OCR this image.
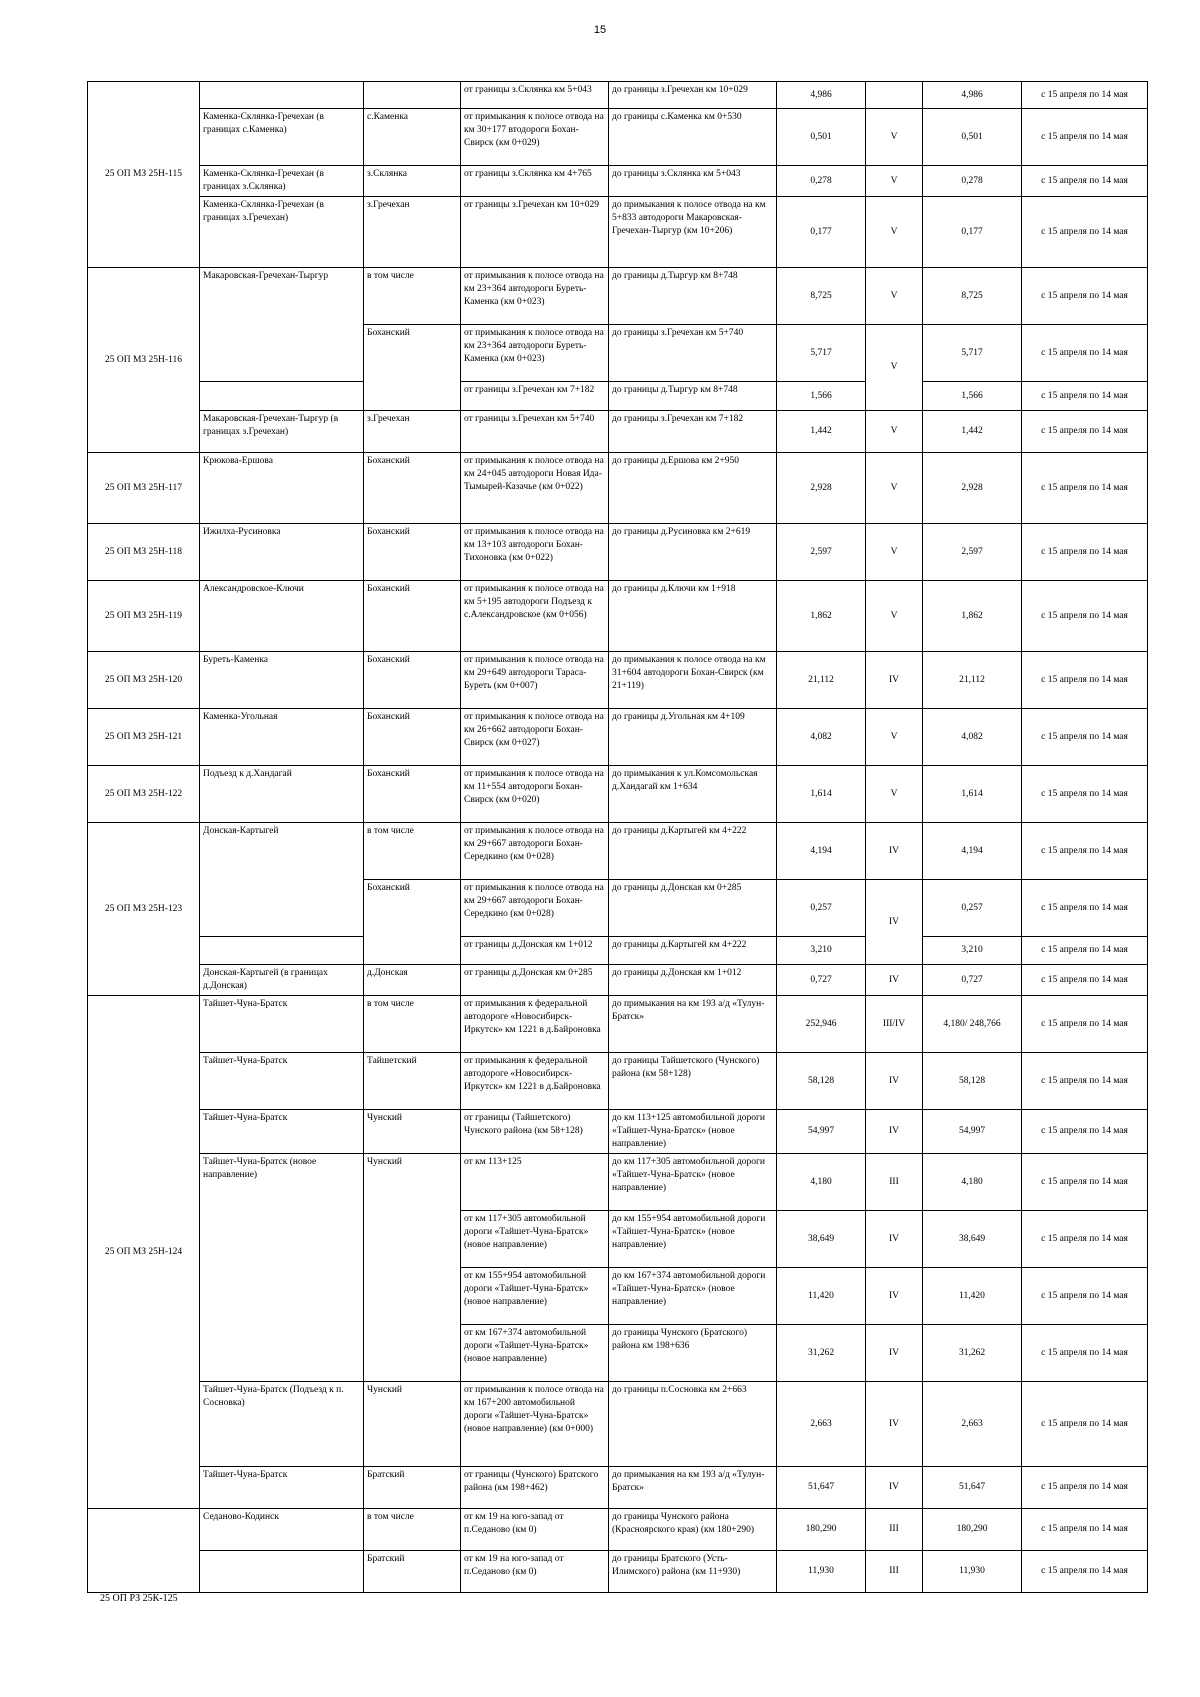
15
25 ОП МЗ 25Н-115			от границы з.Склянка км 5+043	до границы з.Гречехан км 10+029	4,986		4,986	с 15 апреля по 14 мая
	Каменка-Склянка-Гречехан (в границах с.Каменка)	с.Каменка	от примыкания к полосе отвода на км 30+177 втодороги Бохан-Свирск (км 0+029)	до границы с.Каменка км 0+530	0,501	V	0,501	с 15 апреля по 14 мая
	Каменка-Склянка-Гречехан (в границах з.Склянка)	з.Склянка	от границы з.Склянка км 4+765	до границы з.Склянка км 5+043	0,278	V	0,278	с 15 апреля по 14 мая
	Каменка-Склянка-Гречехан (в границах з.Гречехан)	з.Гречехан	от границы з.Гречехан км 10+029	до примыкания к полосе отвода на км 5+833 автодороги Макаровская-Гречехан-Тыргур (км 10+206)	0,177	V	0,177	с 15 апреля по 14 мая
25 ОП МЗ 25Н-116	Макаровская-Гречехан-Тыргур	в том числе	от примыкания к полосе отвода на км 23+364 автодороги Буреть-Каменка (км 0+023)	до границы д.Тыргур км 8+748	8,725	V	8,725	с 15 апреля по 14 мая
		Боханский	от примыкания к полосе отвода на км 23+364 автодороги Буреть-Каменка (км 0+023)	до границы з.Гречехан км 5+740	5,717	V	5,717	с 15 апреля по 14 мая
			от границы з.Гречехан км 7+182	до границы д.Тыргур км 8+748	1,566		1,566	с 15 апреля по 14 мая
	Макаровская-Гречехан-Тыргур (в границах з.Гречехан)	з.Гречехан	от границы з.Гречехан км 5+740	до границы з.Гречехан км 7+182	1,442	V	1,442	с 15 апреля по 14 мая
25 ОП МЗ 25Н-117	Крюкова-Ершова	Боханский	от примыкания к полосе отвода на км 24+045 автодороги Новая Ида-Тымырей-Казачье (км 0+022)	до границы д.Ершова км 2+950	2,928	V	2,928	с 15 апреля по 14 мая
25 ОП МЗ 25Н-118	Ижилха-Русиновка	Боханский	от примыкания к полосе отвода на км 13+103 автодороги Бохан-Тихоновка (км 0+022)	до границы д.Русиновка км 2+619	2,597	V	2,597	с 15 апреля по 14 мая
25 ОП МЗ 25Н-119	Александровское-Ключи	Боханский	от примыкания к полосе отвода на км 5+195 автодороги Подъезд к с.Александровское (км 0+056)	до границы д.Ключи км 1+918	1,862	V	1,862	с 15 апреля по 14 мая
25 ОП МЗ 25Н-120	Буреть-Каменка	Боханский	от примыкания к полосе отвода на км 29+649 автодороги Тараса-Буреть (км 0+007)	до примыкания к полосе отвода на км 31+604 автодороги Бохан-Свирск (км 21+119)	21,112	IV	21,112	с 15 апреля по 14 мая
25 ОП МЗ 25Н-121	Каменка-Угольная	Боханский	от примыкания к полосе отвода на км 26+662 автодороги Бохан-Свирск (км 0+027)	до границы д.Угольная км 4+109	4,082	V	4,082	с 15 апреля по 14 мая
25 ОП МЗ 25Н-122	Подъезд к д.Хандагай	Боханский	от примыкания к полосе отвода на км 11+554 автодороги Бохан-Свирск (км 0+020)	до примыкания к ул.Комсомольская д.Хандагай км 1+634	1,614	V	1,614	с 15 апреля по 14 мая
25 ОП МЗ 25Н-123	Донская-Картыгей	в том числе	от примыкания к полосе отвода на км 29+667 автодороги Бохан-Середкино (км 0+028)	до границы д.Картыгей км 4+222	4,194	IV	4,194	с 15 апреля по 14 мая
		Боханский	от примыкания к полосе отвода на км 29+667 автодороги Бохан-Середкино (км 0+028)	до границы д.Донская км 0+285	0,257	IV	0,257	с 15 апреля по 14 мая
			от границы д.Донская км 1+012	до границы д.Картыгей км 4+222	3,210		3,210	с 15 апреля по 14 мая
	Донская-Картыгей (в границах д.Донская)	д.Донская	от границы д.Донская км 0+285	до границы д.Донская км 1+012	0,727	IV	0,727	с 15 апреля по 14 мая
25 ОП МЗ 25Н-124	Тайшет-Чуна-Братск	в том числе	от примыкания к федеральной автодороге «Новосибирск-Иркутск» км 1221 в д.Байроновка	до примыкания на км 193 а/д «Тулун-Братск»	252,946	III/IV	4,180/ 248,766	с 15 апреля по 14 мая
	Тайшет-Чуна-Братск	Тайшетский	от примыкания к федеральной автодороге «Новосибирск-Иркутск» км 1221 в д.Байроновка	до границы Тайшетского (Чунского) района (км 58+128)	58,128	IV	58,128	с 15 апреля по 14 мая
	Тайшет-Чуна-Братск	Чунский	от границы (Тайшетского) Чунского района (км 58+128)	до км 113+125 автомобильной дороги «Тайшет-Чуна-Братск» (новое направление)	54,997	IV	54,997	с 15 апреля по 14 мая
	Тайшет-Чуна-Братск (новое направление)	Чунский	от км 113+125	до км 117+305 автомобильной дороги «Тайшет-Чуна-Братск» (новое направление)	4,180	III	4,180	с 15 апреля по 14 мая
			от км 117+305 автомобильной дороги «Тайшет-Чуна-Братск» (новое направление)	до км 155+954 автомобильной дороги «Тайшет-Чуна-Братск» (новое направление)	38,649	IV	38,649	с 15 апреля по 14 мая
			от км 155+954 автомобильной дороги «Тайшет-Чуна-Братск» (новое направление)	до км 167+374 автомобильной дороги «Тайшет-Чуна-Братск» (новое направление)	11,420	IV	11,420	с 15 апреля по 14 мая
			от км 167+374 автомобильной дороги «Тайшет-Чуна-Братск» (новое направление)	до границы Чунского (Братского) района км 198+636	31,262	IV	31,262	с 15 апреля по 14 мая
	Тайшет-Чуна-Братск (Подъезд к п. Сосновка)	Чунский	от примыкания к полосе отвода на км 167+200 автомобильной дороги «Тайшет-Чуна-Братск» (новое направление) (км 0+000)	до границы п.Сосновка км 2+663	2,663	IV	2,663	с 15 апреля по 14 мая
	Тайшет-Чуна-Братск	Братский	от границы (Чунского) Братского района (км 198+462)	до примыкания на км 193 а/д «Тулун-Братск»	51,647	IV	51,647	с 15 апреля по 14 мая
	Седаново-Кодинск	в том числе	от км 19 на юго-запад от п.Седаново (км 0)	до границы Чунского района (Красноярского края) (км 180+290)	180,290	III	180,290	с 15 апреля по 14 мая
		Братский	от км 19 на юго-запад от п.Седаново (км 0)	до границы Братского (Усть-Илимского) района (км 11+930)	11,930	III	11,930	с 15 апреля по 14 мая
25 ОП РЗ 25К-125
